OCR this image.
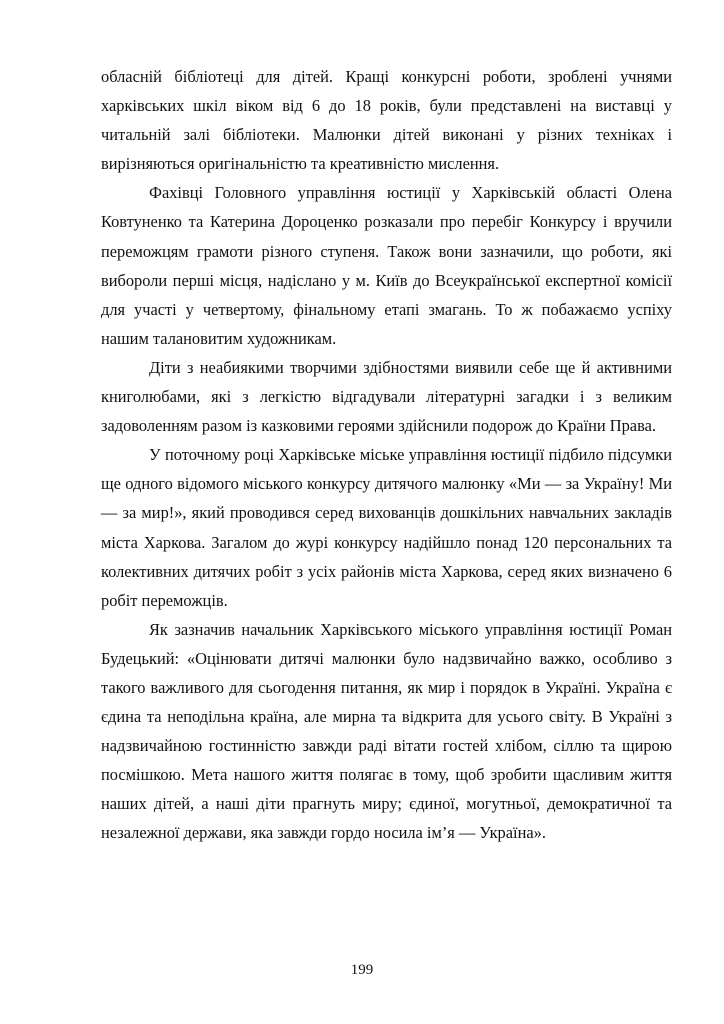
обласній бібліотеці для дітей. Кращі конкурсні роботи, зроблені учнями харківських шкіл віком від 6 до 18 років, були представлені на виставці у читальній залі бібліотеки. Малюнки дітей виконані у різних техніках і вирізняються оригінальністю та креативністю мислення.

Фахівці Головного управління юстиції у Харківській області Олена Ковтуненко та Катерина Дороценко розказали про перебіг Конкурсу і вручили переможцям грамоти різного ступеня. Також вони зазначили, що роботи, які вибороли перші місця, надіслано у м. Київ до Всеукраїнської експертної комісії для участі у четвертому, фінальному етапі змагань. То ж побажаємо успіху нашим талановитим художникам.

Діти з неабиякими творчими здібностями виявили себе ще й активними книголюбами, які з легкістю відгадували літературні загадки і з великим задоволенням разом із казковими героями здійснили подорож до Країни Права.

У поточному році Харківське міське управління юстиції підбило підсумки ще одного відомого міського конкурсу дитячого малюнку «Ми — за Україну! Ми — за мир!», який проводився серед вихованців дошкільних навчальних закладів міста Харкова. Загалом до журі конкурсу надійшло понад 120 персональних та колективних дитячих робіт з усіх районів міста Харкова, серед яких визначено 6 робіт переможців.

Як зазначив начальник Харківського міського управління юстиції Роман Будецький: «Оцінювати дитячі малюнки було надзвичайно важко, особливо з такого важливого для сьогодення питання, як мир і порядок в Україні. Україна є єдина та неподільна країна, але мирна та відкрита для усього світу. В Україні з надзвичайною гостинністю завжди раді вітати гостей хлібом, сіллю та щирою посмішкою. Мета нашого життя полягає в тому, щоб зробити щасливим життя наших дітей, а наші діти прагнуть миру; єдиної, могутньої, демократичної та незалежної держави, яка завжди гордо носила ім’я — Україна».

199
